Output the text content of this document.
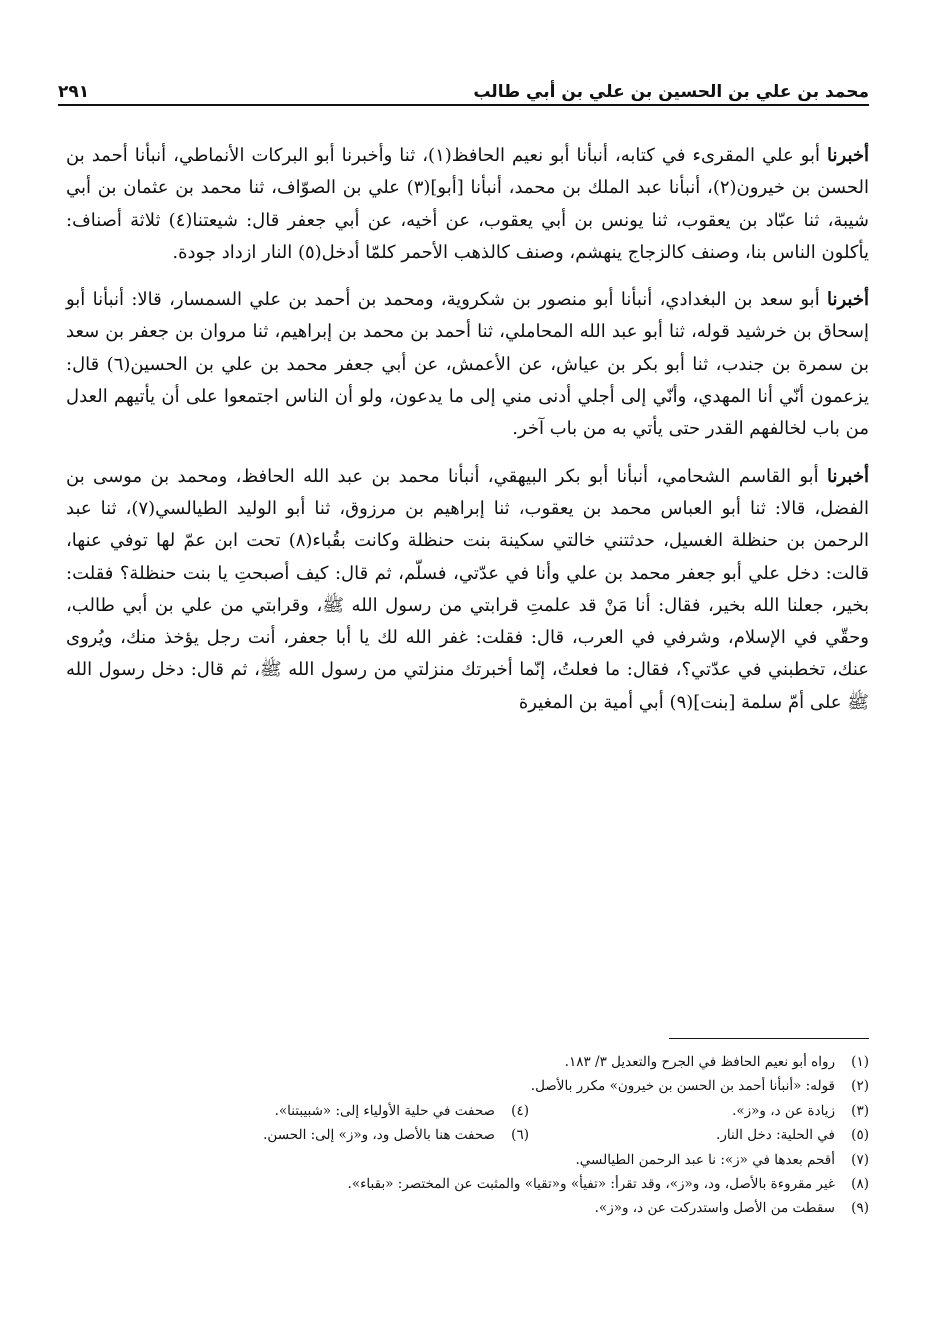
محمد بن علي بن الحسين بن علي بن أبي طالب
٢٩١

أخبرنا أبو علي المقرىء في كتابه، أنبأنا أبو نعيم الحافظ(١)، ثنا وأخبرنا أبو البركات الأنماطي، أنبأنا أحمد بن الحسن بن خيرون(٢)، أنبأنا عبد الملك بن محمد، أنبأنا [أبو](٣) علي بن الصوّاف، ثنا محمد بن عثمان بن أبي شيبة، ثنا عبّاد بن يعقوب، ثنا يونس بن أبي يعقوب، عن أخيه، عن أبي جعفر قال: شيعتنا(٤) ثلاثة أصناف: يأكلون الناس بنا، وصنف كالزجاج ينهشم، وصنف كالذهب الأحمر كلمّا أدخل(٥) النار ازداد جودة.

أخبرنا أبو سعد بن البغدادي، أنبأنا أبو منصور بن شكروية، ومحمد بن أحمد بن علي السمسار، قالا: أنبأنا أبو إسحاق بن خرشيد قوله، ثنا أبو عبد الله المحاملي، ثنا أحمد بن محمد بن إبراهيم، ثنا مروان بن جعفر بن سعد بن سمرة بن جندب، ثنا أبو بكر بن عياش، عن الأعمش، عن أبي جعفر محمد بن علي بن الحسين(٦) قال: يزعمون أنّي أنا المهدي، وأنّي إلى أجلي أدنى مني إلى ما يدعون، ولو أن الناس اجتمعوا على أن يأتيهم العدل من باب لخالفهم القدر حتى يأتي به من باب آخر.

أخبرنا أبو القاسم الشحامي، أنبأنا أبو بكر البيهقي، أنبأنا محمد بن عبد الله الحافظ، ومحمد بن موسى بن الفضل، قالا: ثنا أبو العباس محمد بن يعقوب، ثنا إبراهيم بن مرزوق، ثنا أبو الوليد الطيالسي(٧)، ثنا عبد الرحمن بن حنظلة الغسيل، حدثتني خالتي سكينة بنت حنظلة وكانت بقُباء(٨) تحت ابن عمّ لها توفي عنها، قالت: دخل علي أبو جعفر محمد بن علي وأنا في عدّتي، فسلّم، ثم قال: كيف أصبحتِ يا بنت حنظلة؟ فقلت: بخير، جعلنا الله بخير، فقال: أنا مَنْ قد علمتِ قرابتي من رسول الله ﷺ، وقرابتي من علي بن أبي طالب، وحقّي في الإسلام، وشرفي في العرب، قال: فقلت: غفر الله لك يا أبا جعفر، أنت رجل يؤخذ منك، ويُروى عنك، تخطبني في عدّتي؟، فقال: ما فعلتُ، إنّما أخبرتك منزلتي من رسول الله ﷺ، ثم قال: دخل رسول الله ﷺ على أمّ سلمة [بنت](٩) أبي أمية بن المغيرة

(١)
رواه أبو نعيم الحافظ في الجرح والتعديل ٣/ ١٨٣.
(٢)
قوله: «أنبأنا أحمد بن الحسن بن خيرون» مكرر بالأصل.
(٣)
زيادة عن د، و«ز».
(٤)
صحفت في حلية الأولياء إلى: «شبيبتنا».
(٥)
في الحلية: دخل النار.
(٦)
صحفت هنا بالأصل ود، و«ز» إلى: الحسن.
(٧)
أقحم بعدها في «ز»: نا عبد الرحمن الطيالسي.
(٨)
غير مقروءة بالأصل، ود، و«ز»، وقد تقرأ: «تفيأ» و«تقيا» والمثبت عن المختصر: «بقباء».
(٩)
سقطت من الأصل واستدركت عن د، و«ز».
